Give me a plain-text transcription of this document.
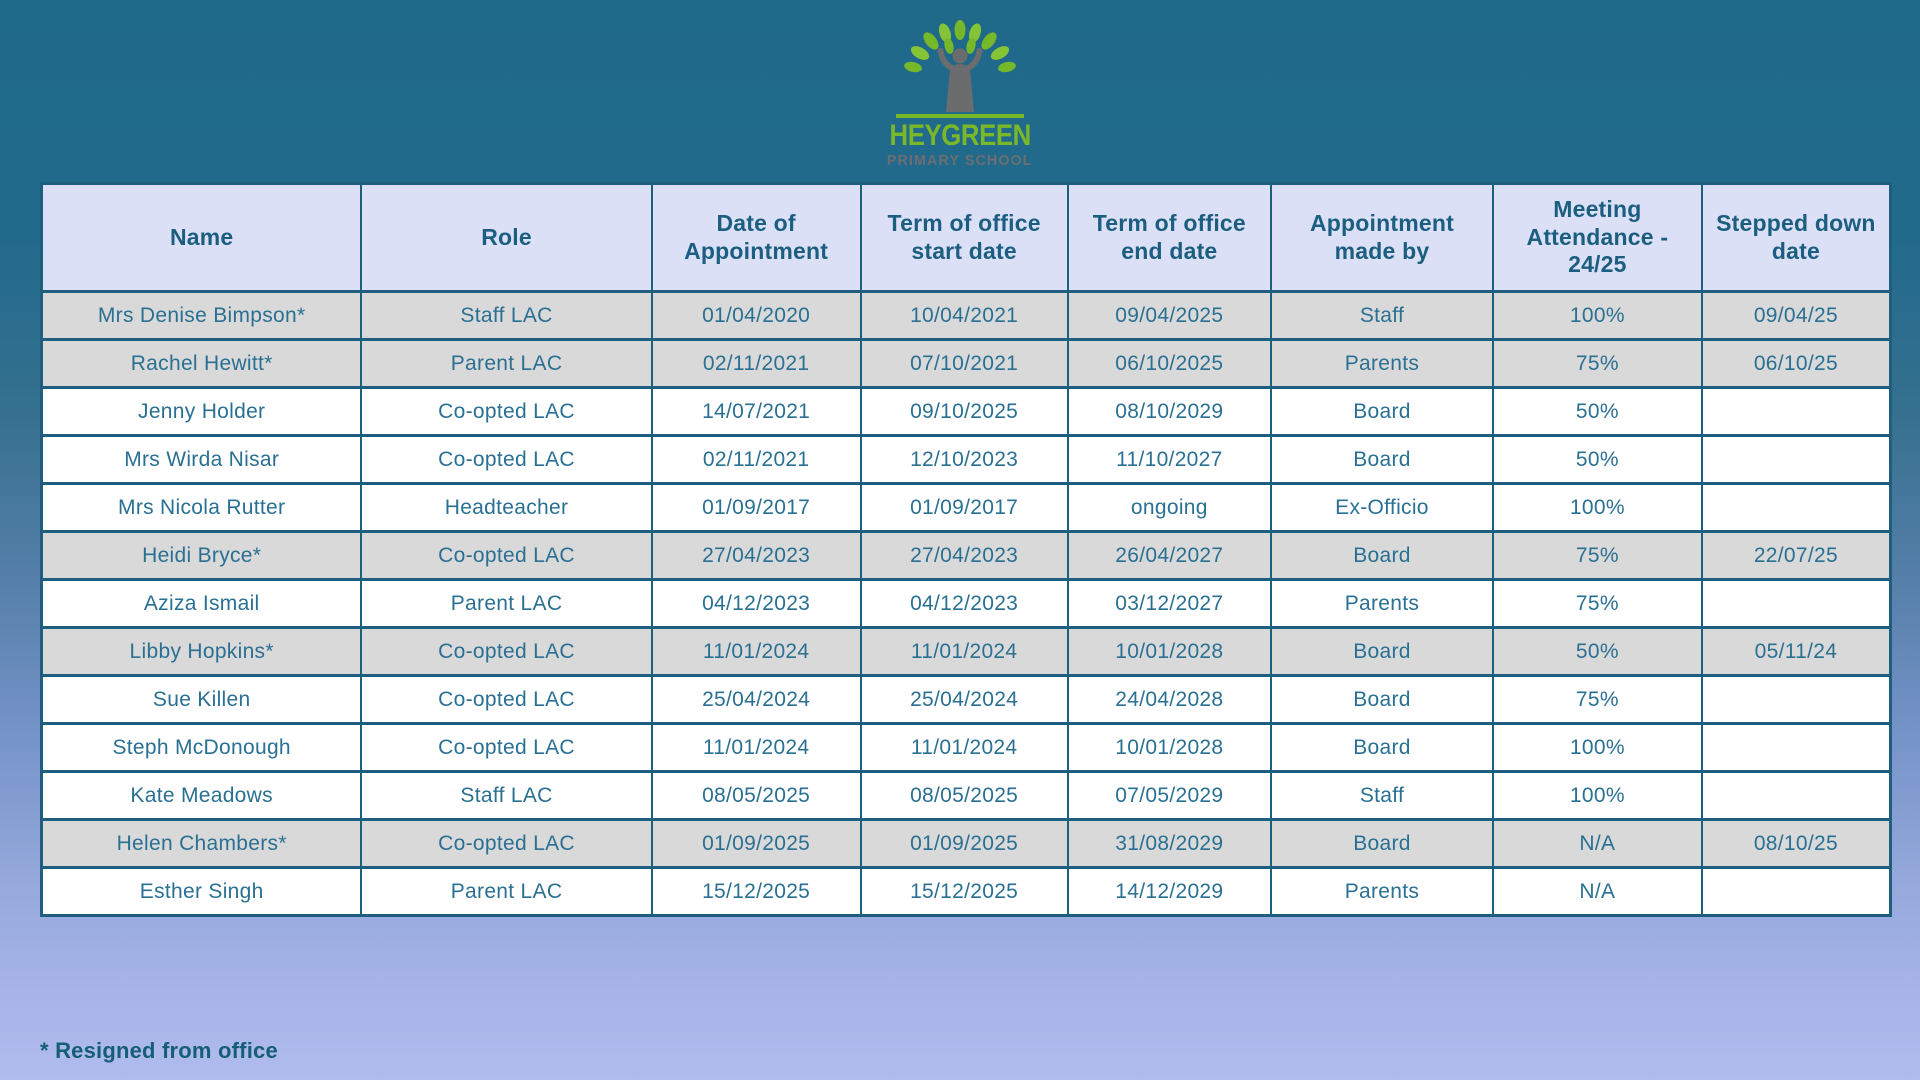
HEYGREEN
PRIMARY SCHOOL
Name	Role	Date of Appointment	Term of office start date	Term of office end date	Appointment made by	Meeting Attendance - 24/25	Stepped down date
Mrs Denise Bimpson*	Staff LAC	01/04/2020	10/04/2021	09/04/2025	Staff	100%	09/04/25
Rachel Hewitt*	Parent LAC	02/11/2021	07/10/2021	06/10/2025	Parents	75%	06/10/25
Jenny Holder	Co-opted LAC	14/07/2021	09/10/2025	08/10/2029	Board	50%	
Mrs Wirda Nisar	Co-opted LAC	02/11/2021	12/10/2023	11/10/2027	Board	50%	
Mrs Nicola Rutter	Headteacher	01/09/2017	01/09/2017	ongoing	Ex-Officio	100%	
Heidi Bryce*	Co-opted LAC	27/04/2023	27/04/2023	26/04/2027	Board	75%	22/07/25
Aziza Ismail	Parent LAC	04/12/2023	04/12/2023	03/12/2027	Parents	75%	
Libby Hopkins*	Co-opted LAC	11/01/2024	11/01/2024	10/01/2028	Board	50%	05/11/24
Sue Killen	Co-opted LAC	25/04/2024	25/04/2024	24/04/2028	Board	75%	
Steph McDonough	Co-opted LAC	11/01/2024	11/01/2024	10/01/2028	Board	100%	
Kate Meadows	Staff LAC	08/05/2025	08/05/2025	07/05/2029	Staff	100%	
Helen Chambers*	Co-opted LAC	01/09/2025	01/09/2025	31/08/2029	Board	N/A	08/10/25
Esther Singh	Parent LAC	15/12/2025	15/12/2025	14/12/2029	Parents	N/A	
* Resigned from office
